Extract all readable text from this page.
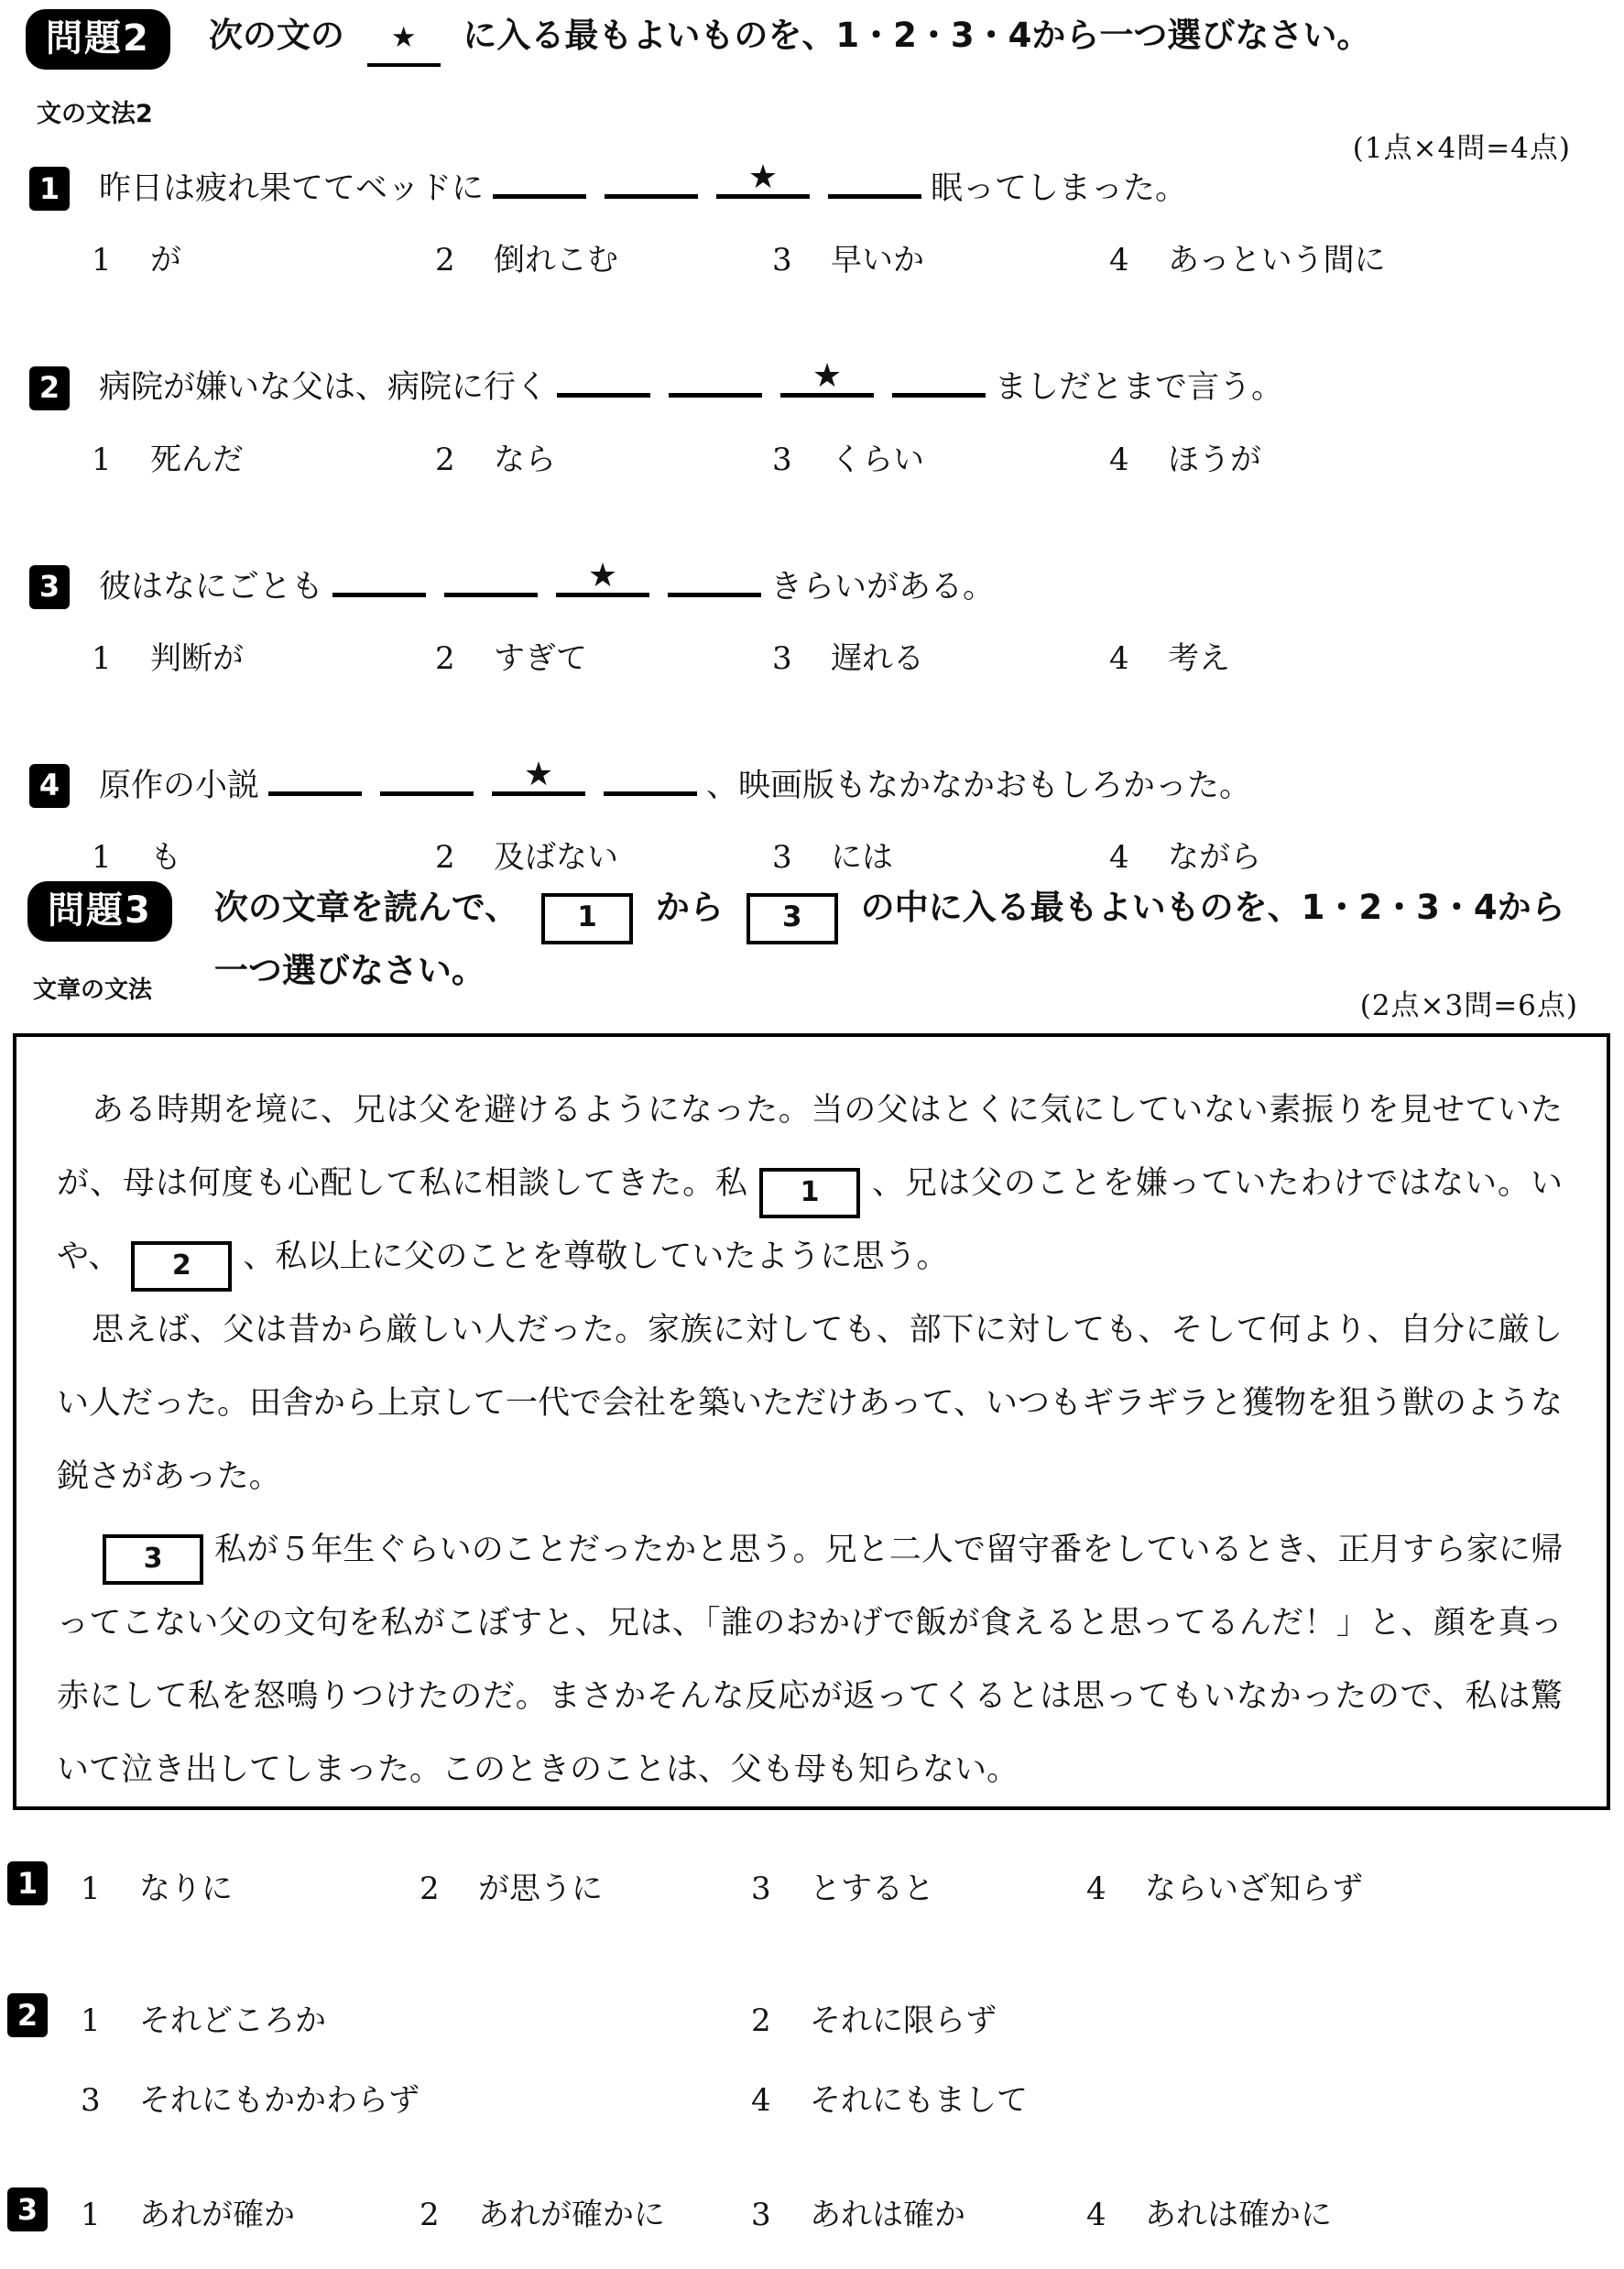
問題2	次の文の ★ に入る最もよいものを、1・2・3・4から一つ選びなさい。
文の文法2
(1点×4問=4点)
1	昨日は疲れ果ててベッドに	★	眠ってしまった。
1 が	2 倒れこむ	3 早いか	4 あっという間に
2	病院が嫌いな父は、病院に行く	★	ましだとまで言う。
1 死んだ	2 なら	3 くらい	4 ほうが
3	彼はなにごとも	★	きらいがある。
1 判断が	2 すぎて	3 遅れる	4 考え
4	原作の小説	★	、映画版もなかなかおもしろかった。
1 も	2 及ばない	3 には	4 ながら
問題3	次の文章を読んで、 1 から 3 の中に入る最もよいものを、1・2・3・4から一つ選びなさい。
文章の文法	(2点×3問=6点)

ある時期を境に、兄は父を避けるようになった。当の父はとくに気にしていない素振りを見せていたが、母は何度も心配して私に相談してきた。私 1 、兄は父のことを嫌っていたわけではない。いや、 2 、私以上に父のことを尊敬していたように思う。

思えば、父は昔から厳しい人だった。家族に対しても、部下に対しても、そして何より、自分に厳しい人だった。田舎から上京して一代で会社を築いただけあって、いつもギラギラと獲物を狙う獣のような鋭さがあった。

3 私が５年生ぐらいのことだったかと思う。兄と二人で留守番をしているとき、正月すら家に帰ってこない父の文句を私がこぼすと、兄は、「誰のおかげで飯が食えると思ってるんだ！」と、顔を真っ赤にして私を怒鳴りつけたのだ。まさかそんな反応が返ってくるとは思ってもいなかったので、私は驚いて泣き出してしまった。このときのことは、父も母も知らない。

1	1 なりに	2 が思うに	3 とすると	4 ならいざ知らず
2	1 それどころか	2 それに限らず
3 それにもかかわらず	4 それにもまして
3	1 あれが確か	2 あれが確かに	3 あれは確か	4 あれは確かに
